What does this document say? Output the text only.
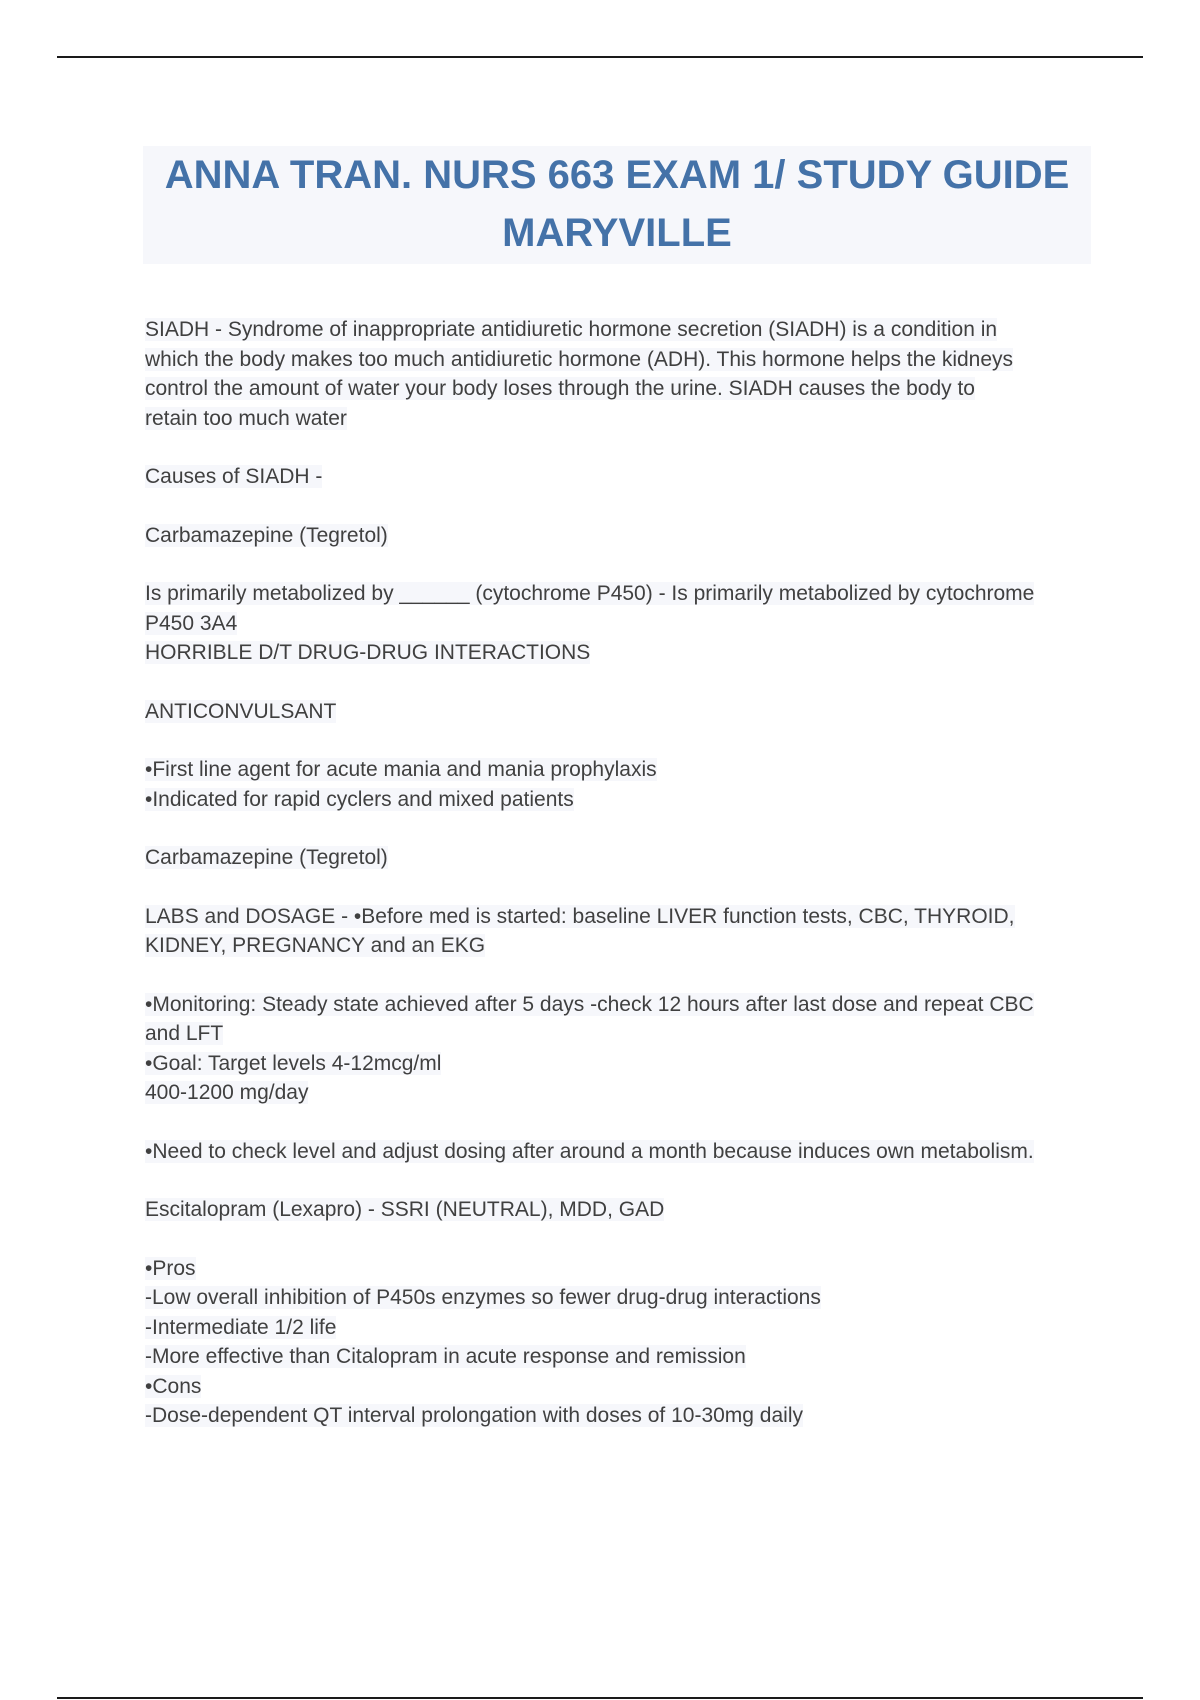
ANNA TRAN. NURS 663 EXAM 1/ STUDY GUIDE
MARYVILLE
SIADH - Syndrome of inappropriate antidiuretic hormone secretion (SIADH) is a condition in
which the body makes too much antidiuretic hormone (ADH). This hormone helps the kidneys
control the amount of water your body loses through the urine. SIADH causes the body to
retain too much water
Causes of SIADH -
Carbamazepine (Tegretol)
Is primarily metabolized by ______ (cytochrome P450) - Is primarily metabolized by cytochrome
P450 3A4
HORRIBLE D/T DRUG-DRUG INTERACTIONS
ANTICONVULSANT
•First line agent for acute mania and mania prophylaxis
•Indicated for rapid cyclers and mixed patients
Carbamazepine (Tegretol)
LABS and DOSAGE - •Before med is started: baseline LIVER function tests, CBC, THYROID,
KIDNEY, PREGNANCY and an EKG
•Monitoring: Steady state achieved after 5 days -check 12 hours after last dose and repeat CBC
and LFT
•Goal: Target levels 4-12mcg/ml
400-1200 mg/day
•Need to check level and adjust dosing after around a month because induces own metabolism.
Escitalopram (Lexapro) - SSRI (NEUTRAL), MDD, GAD
•Pros
-Low overall inhibition of P450s enzymes so fewer drug-drug interactions
-Intermediate 1/2 life
-More effective than Citalopram in acute response and remission
•Cons
-Dose-dependent QT interval prolongation with doses of 10-30mg daily
